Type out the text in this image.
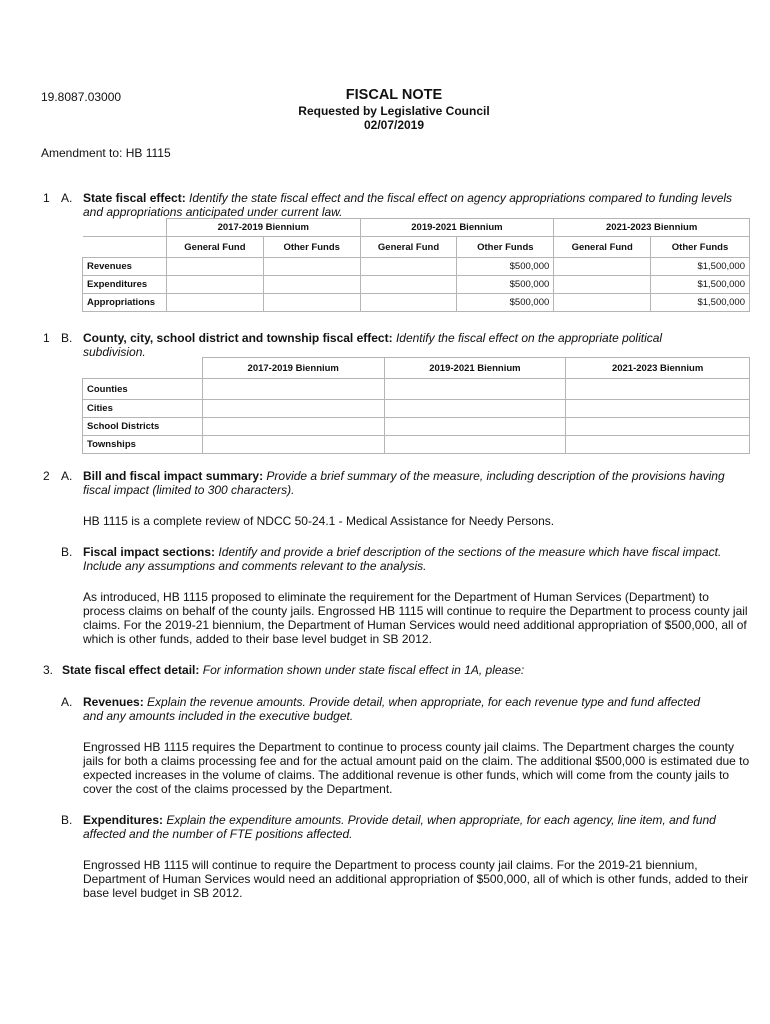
19.8087.03000	FISCAL NOTE
Requested by Legislative Council
02/07/2019
Amendment to: HB 1115
1 A. State fiscal effect: Identify the state fiscal effect and the fiscal effect on agency appropriations compared to funding levels and appropriations anticipated under current law.
	2017-2019 Biennium		2019-2021 Biennium		2021-2023 Biennium	
	General Fund	Other Funds	General Fund	Other Funds	General Fund	Other Funds
Revenues				$500,000		$1,500,000
Expenditures				$500,000		$1,500,000
Appropriations				$500,000		$1,500,000
1 B. County, city, school district and township fiscal effect: Identify the fiscal effect on the appropriate political subdivision.
	2017-2019 Biennium	2019-2021 Biennium	2021-2023 Biennium
Counties			
Cities			
School Districts			
Townships			
2 A. Bill and fiscal impact summary: Provide a brief summary of the measure, including description of the provisions having fiscal impact (limited to 300 characters).
HB 1115 is a complete review of NDCC 50-24.1 - Medical Assistance for Needy Persons.
B. Fiscal impact sections: Identify and provide a brief description of the sections of the measure which have fiscal impact. Include any assumptions and comments relevant to the analysis.
As introduced, HB 1115 proposed to eliminate the requirement for the Department of Human Services (Department) to process claims on behalf of the county jails. Engrossed HB 1115 will continue to require the Department to process county jail claims. For the 2019-21 biennium, the Department of Human Services would need additional appropriation of $500,000, all of which is other funds, added to their base level budget in SB 2012.
3. State fiscal effect detail: For information shown under state fiscal effect in 1A, please:
A. Revenues: Explain the revenue amounts. Provide detail, when appropriate, for each revenue type and fund affected and any amounts included in the executive budget.
Engrossed HB 1115 requires the Department to continue to process county jail claims. The Department charges the county jails for both a claims processing fee and for the actual amount paid on the claim. The additional $500,000 is estimated due to expected increases in the volume of claims. The additional revenue is other funds, which will come from the county jails to cover the cost of the claims processed by the Department.
B. Expenditures: Explain the expenditure amounts. Provide detail, when appropriate, for each agency, line item, and fund affected and the number of FTE positions affected.
Engrossed HB 1115 will continue to require the Department to process county jail claims. For the 2019-21 biennium, Department of Human Services would need an additional appropriation of $500,000, all of which is other funds, added to their base level budget in SB 2012.
